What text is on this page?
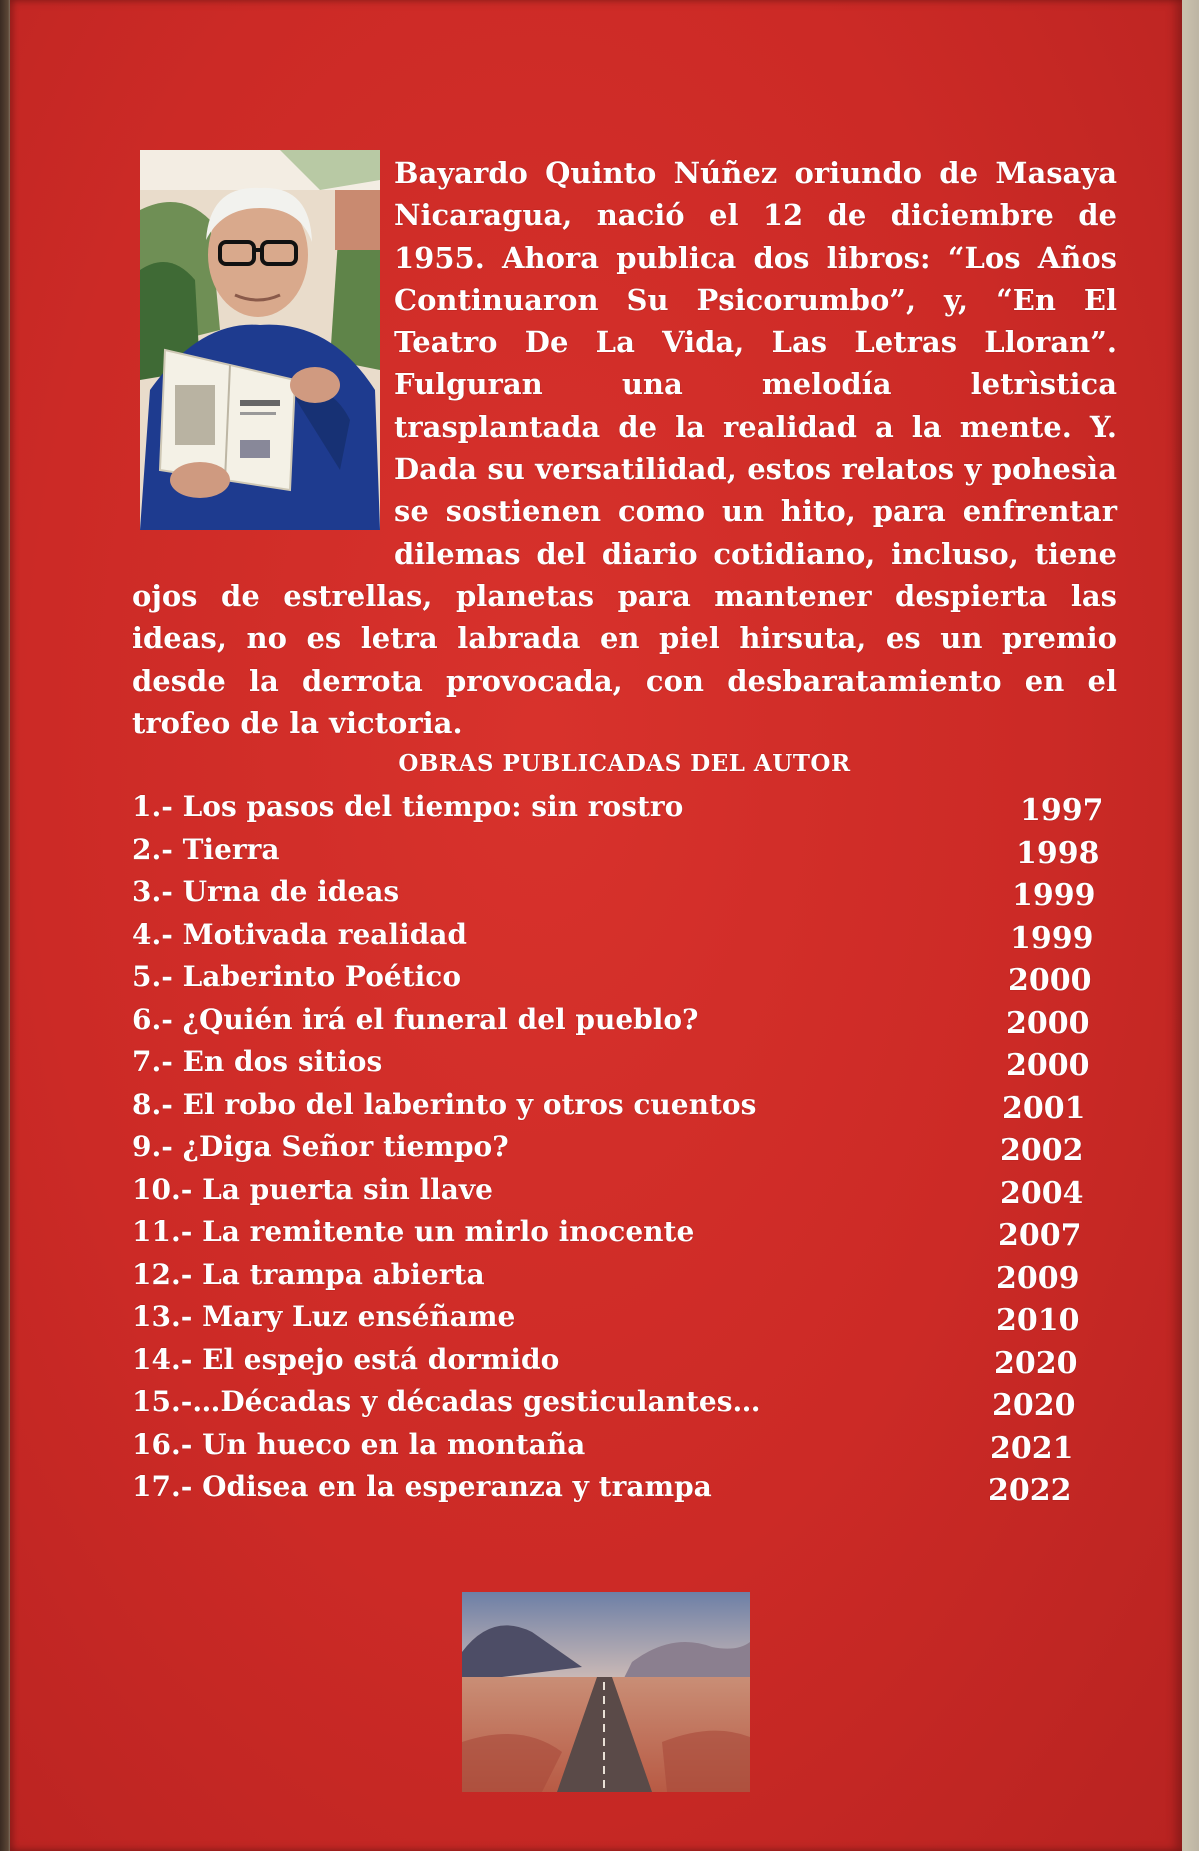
OBRAS PUBLICADAS DEL AUTOR
1.- Los pasos del tiempo: sin rostro	1997
2.- Tierra	1998
3.- Urna de ideas	1999
4.- Motivada realidad	1999
5.- Laberinto Poético	2000
6.- ¿Quién irá el funeral del pueblo?	2000
7.- En dos sitios	2000
8.- El robo del laberinto y otros cuentos	2001
9.- ¿Diga Señor tiempo?	2002
10.- La puerta sin llave	2004
11.- La remitente un mirlo inocente	2007
12.- La trampa abierta	2009
13.- Mary Luz enséñame	2010
14.- El espejo está dormido	2020
15.-…Décadas y décadas gesticulantes…	2020
16.- Un hueco en la montaña	2021
17.- Odisea en la esperanza y trampa	2022
Bayardo Quinto Núñez oriundo de Masaya Nicaragua, nació el 12 de diciembre de 1955. Ahora publica dos libros: “Los Años Continuaron Su Psicorumbo”, y, “En El Teatro De La Vida, Las Letras Lloran”. Fulguran una melodía letrìstica trasplantada de la realidad a la mente. Y. Dada su versatilidad, estos relatos y pohesìa se sostienen como un hito, para enfrentar dilemas del diario cotidiano, incluso, tiene ojos de estrellas, planetas para mantener despierta las ideas, no es letra labrada en piel hirsuta, es un premio desde la derrota provocada, con desbaratamiento en el trofeo de la victoria.
